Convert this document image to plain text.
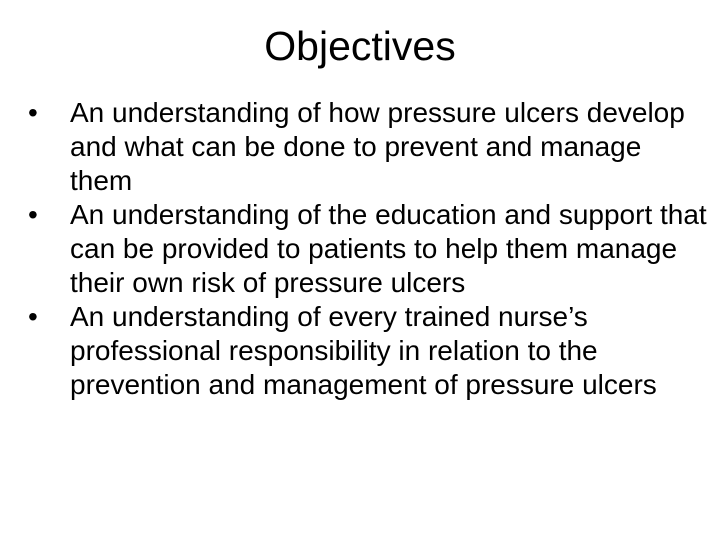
Objectives
•	An understanding of how pressure ulcers develop and what can be done to prevent and manage them
•	An understanding of the education and support that can be provided to patients to help them manage their own risk of pressure ulcers
•	An understanding of every trained nurse’s professional responsibility in relation to the prevention and management of pressure ulcers
